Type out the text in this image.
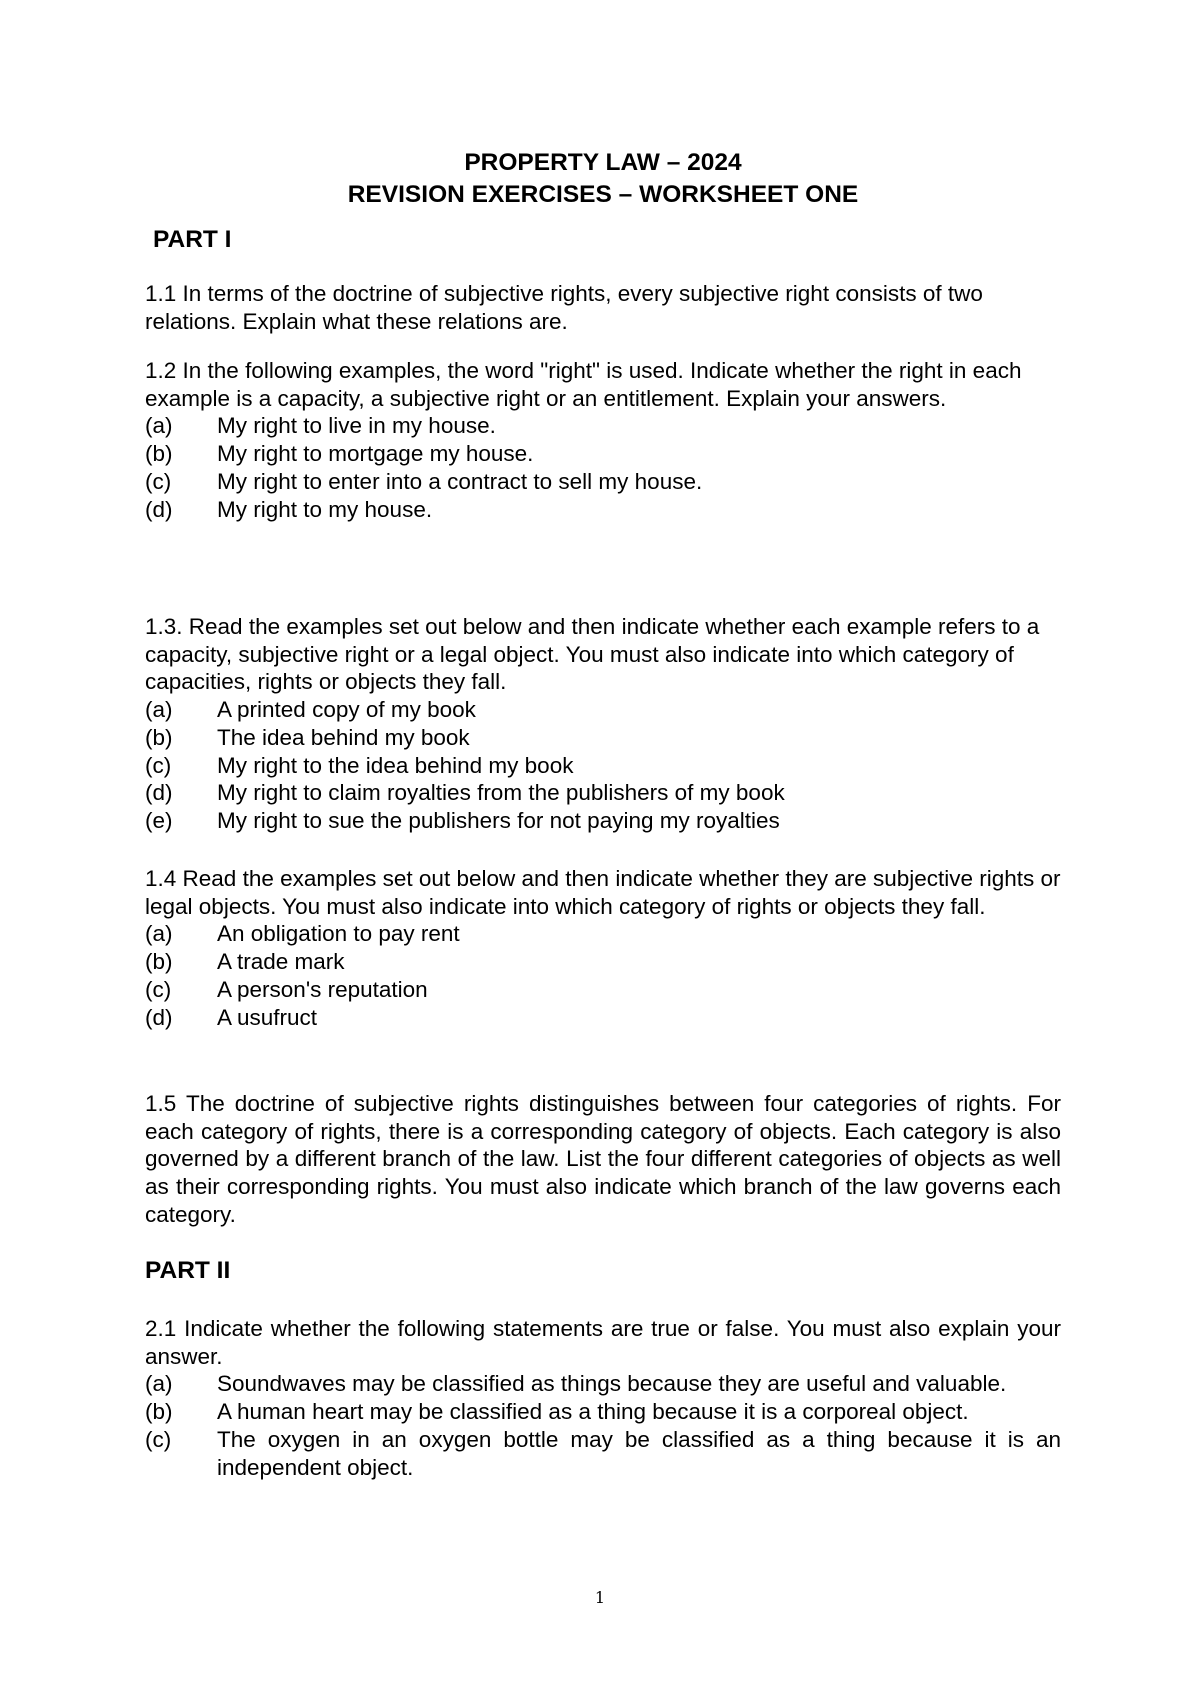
PROPERTY LAW – 2024
REVISION EXERCISES – WORKSHEET ONE
PART I

1.1 In terms of the doctrine of subjective rights, every subjective right consists of two relations. Explain what these relations are.

1.2 In the following examples, the word "right" is used. Indicate whether the right in each example is a capacity, a subjective right or an entitlement. Explain your answers.

(a)	My right to live in my house.
(b)	My right to mortgage my house.
(c)	My right to enter into a contract to sell my house.
(d)	My right to my house.

1.3. Read the examples set out below and then indicate whether each example refers to a capacity, subjective right or a legal object. You must also indicate into which category of capacities, rights or objects they fall.

(a)	A printed copy of my book
(b)	The idea behind my book
(c)	My right to the idea behind my book
(d)	My right to claim royalties from the publishers of my book
(e)	My right to sue the publishers for not paying my royalties

1.4 Read the examples set out below and then indicate whether they are subjective rights or legal objects. You must also indicate into which category of rights or objects they fall.

(a)	An obligation to pay rent
(b)	A trade mark
(c)	A person's reputation
(d)	A usufruct

1.5 The doctrine of subjective rights distinguishes between four categories of rights. For each category of rights, there is a corresponding category of objects. Each category is also governed by a different branch of the law. List the four different categories of objects as well as their corresponding rights. You must also indicate which branch of the law governs each category.

PART II

2.1 Indicate whether the following statements are true or false. You must also explain your answer.

(a) Soundwaves may be classified as things because they are useful and valuable.
(b)	A human heart may be classified as a thing because it is a corporeal object.
(c)	The oxygen in an oxygen bottle may be classified as a thing because it is an independent object.
1
